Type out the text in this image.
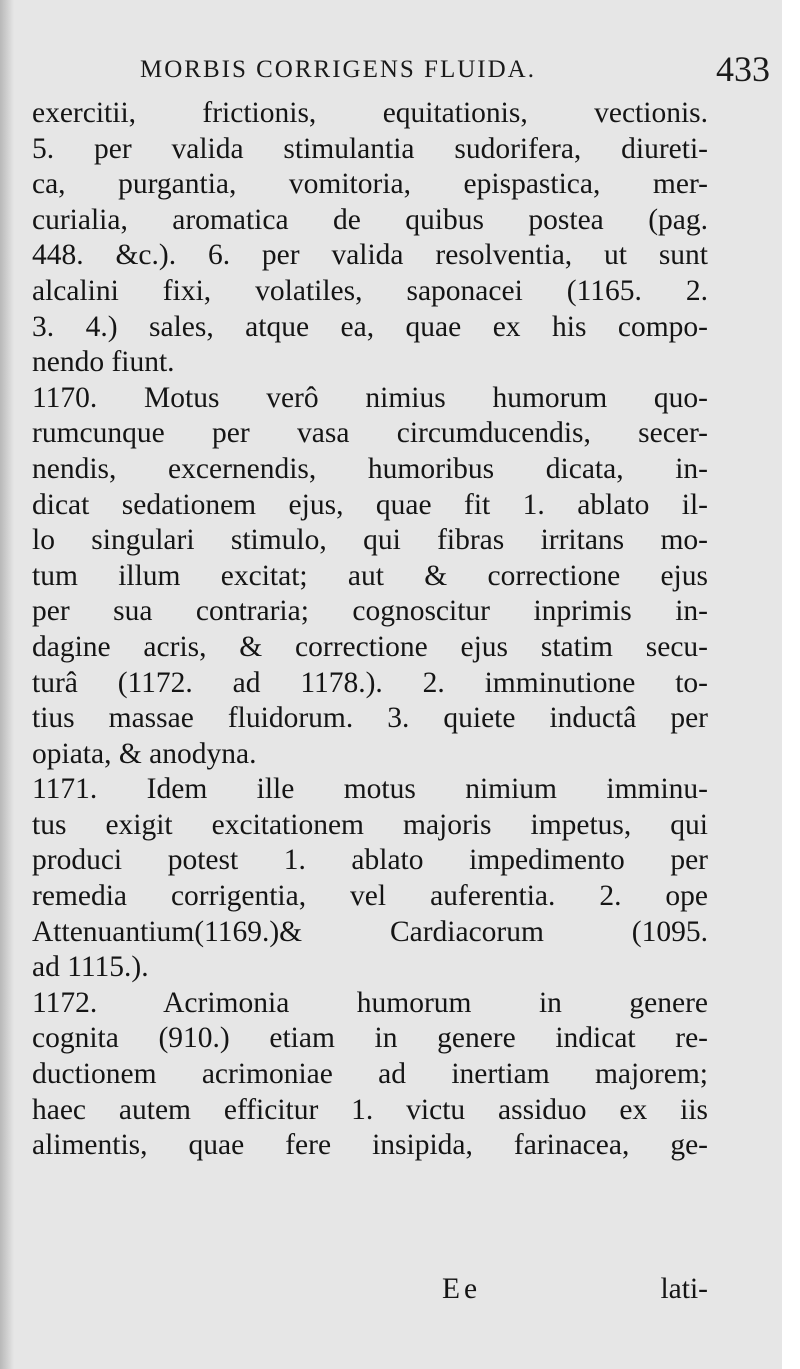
MORBIS CORRIGENS FLUIDA.	433
exercitii, frictionis, equitationis, vectionis.
5. per valida stimulantia sudorifera, diureti-
ca, purgantia, vomitoria, epispastica, mer-
curialia, aromatica de quibus postea (pag.
448. &c.). 6. per valida resolventia, ut sunt
alcalini fixi, volatiles, saponacei (1165. 2.
3. 4.) sales, atque ea, quae ex his compo-
nendo fiunt.
1170. Motus verô nimius humorum quo-
rumcunque per vasa circumducendis, secer-
nendis, excernendis, humoribus dicata, in-
dicat sedationem ejus, quae fit 1. ablato il-
lo singulari stimulo, qui fibras irritans mo-
tum illum excitat; aut & correctione ejus
per sua contraria; cognoscitur inprimis in-
dagine acris, & correctione ejus statim secu-
turâ (1172. ad 1178.). 2. imminutione to-
tius massae fluidorum. 3. quiete inductâ per
opiata, & anodyna.
1171. Idem ille motus nimium imminu-
tus exigit excitationem majoris impetus, qui
produci potest 1. ablato impedimento per
remedia corrigentia, vel auferentia. 2. ope
Attenuantium(1169.)& Cardiacorum (1095.
ad 1115.).
1172. Acrimonia humorum in genere
cognita (910.) etiam in genere indicat re-
ductionem acrimoniae ad inertiam majorem;
haec autem efficitur 1. victu assiduo ex iis
alimentis, quae fere insipida, farinacea, ge-
Ee	lati-
